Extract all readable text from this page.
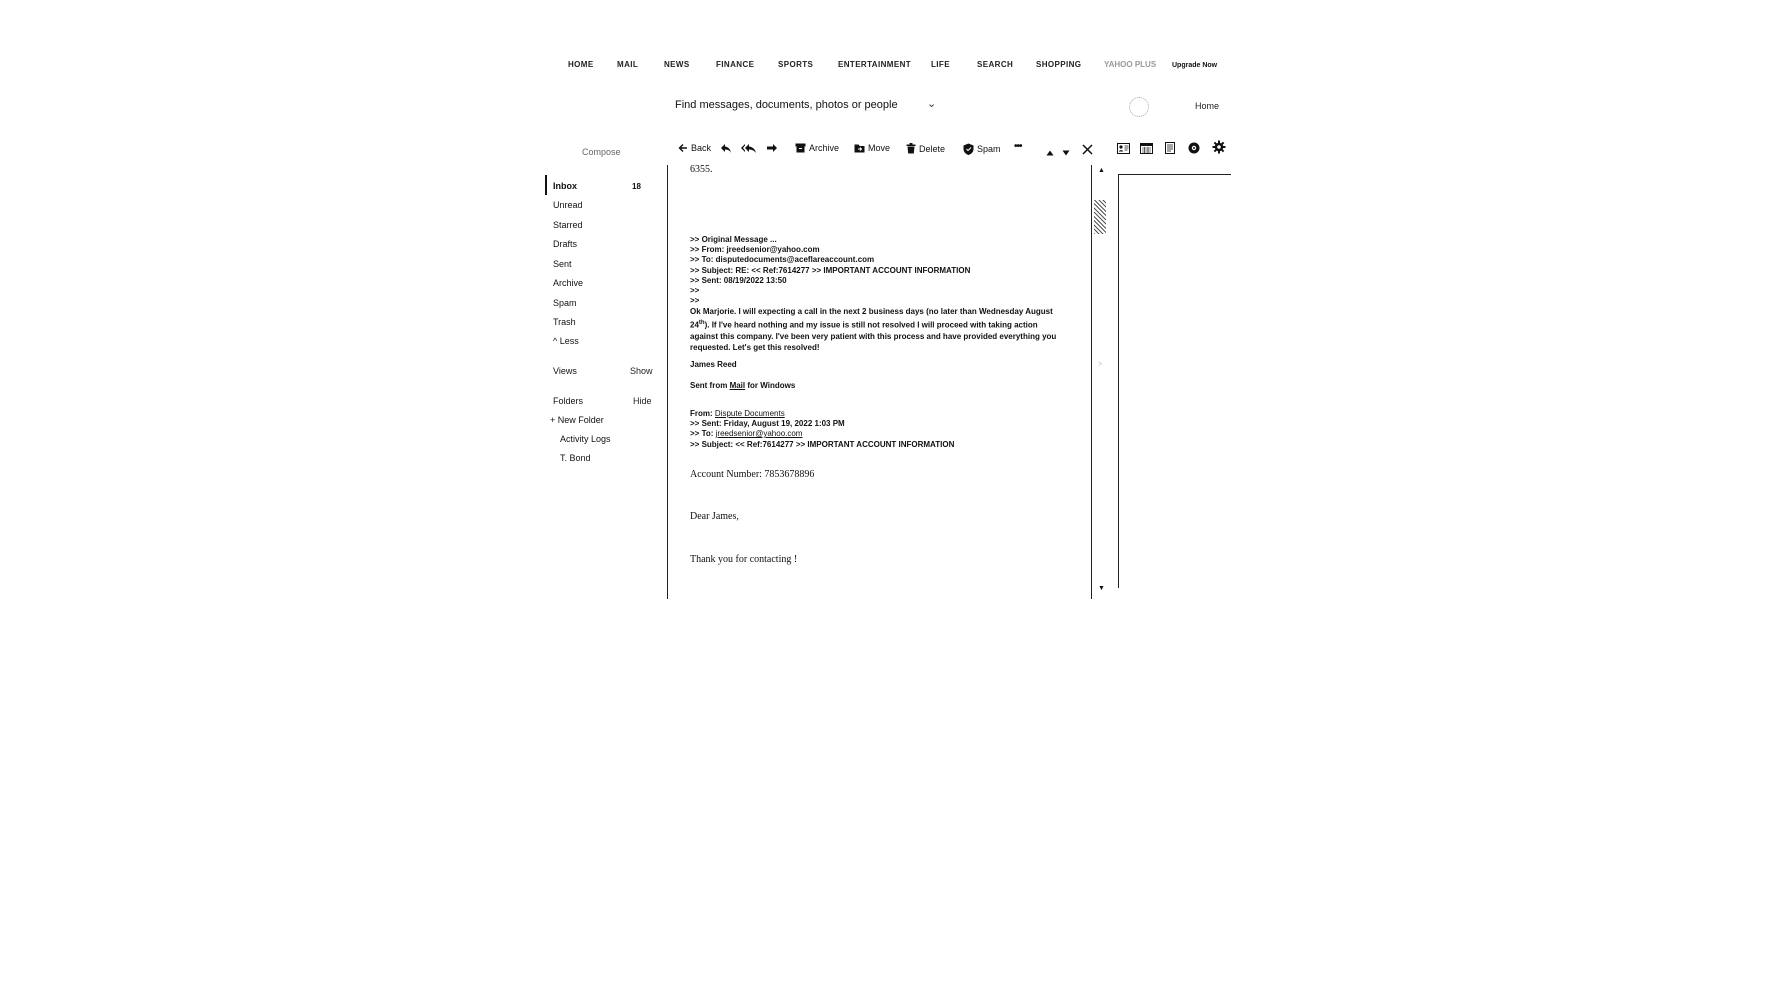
HOME	MAIL	NEWS	FINANCE	SPORTS	ENTERTAINMENT LIFE	SEARCH	SHOPPING	YAHOO PLUS Upgrade Now
Find messages, documents, photos or people	⌄	Home
Compose
Inbox	18
Unread
Starred
Drafts
Sent
Archive
Spam
Trash
^ Less
Views	Show
Folders	Hide
+ New Folder
Activity Logs
T. Bond
Back	Archive	Move	Delete	Spam •••
▲
>
▼
6355.
>> Original Message ...
>> From: jreedsenior@yahoo.com
>> To: disputedocuments@aceflareaccount.com
>> Subject: RE: << Ref:7614277 >> IMPORTANT ACCOUNT INFORMATION
>> Sent: 08/19/2022 13:50
>>
>>
Ok Marjorie. I will expecting a call in the next 2 business days (no later than Wednesday August 24th). If I've heard nothing and my issue is still not resolved I will proceed with taking action against this company. I've been very patient with this process and have provided everything you requested. Let's get this resolved!
James Reed
Sent from Mail for Windows
From: Dispute Documents
>> Sent: Friday, August 19, 2022 1:03 PM
>> To: jreedsenior@yahoo.com
>> Subject: << Ref:7614277 >> IMPORTANT ACCOUNT INFORMATION
Account Number: 7853678896
Dear James,
Thank you for contacting !
